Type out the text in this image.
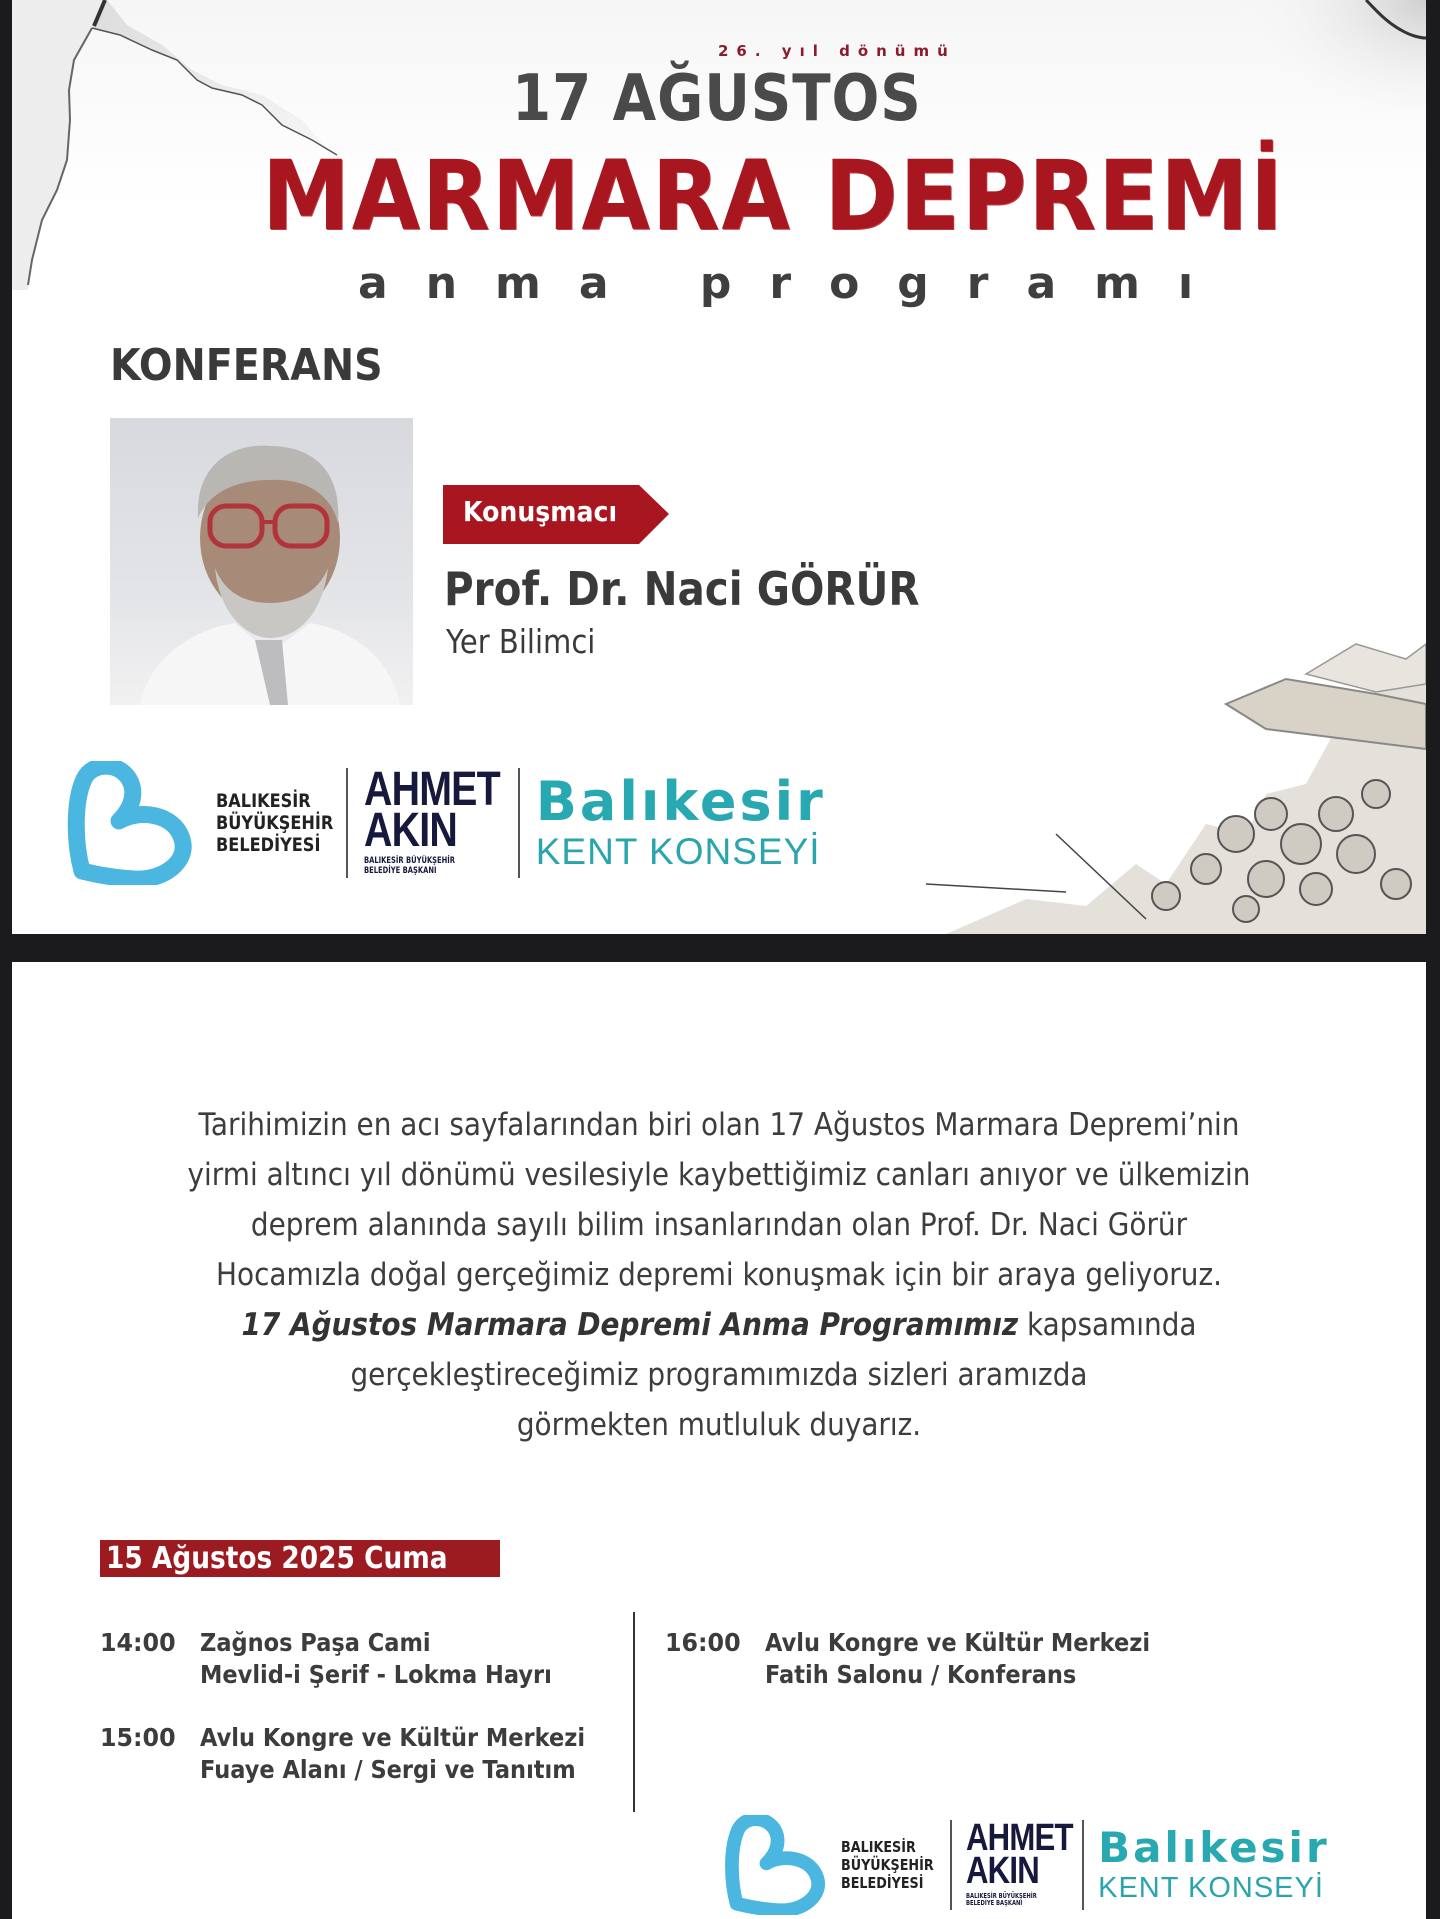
26. yıl dönümü
17 AĞUSTOS
MARMARA DEPREMİ
anma programı
KONFERANS
Konuşmacı
Prof. Dr. Naci GÖRÜR
Yer Bilimci
BALIKESİR
BÜYÜKŞEHİR
BELEDİYESİ
AHMET
AKIN
BALIKESİR BÜYÜKŞEHİR
BELEDİYE BAŞKANI
Balıkesir
KENT KONSEYİ
Tarihimizin en acı sayfalarından biri olan 17 Ağustos Marmara Depremi’nin
yirmi altıncı yıl dönümü vesilesiyle kaybettiğimiz canları anıyor ve ülkemizin
deprem alanında sayılı bilim insanlarından olan Prof. Dr. Naci Görür
Hocamızla doğal gerçeğimiz depremi konuşmak için bir araya geliyoruz.
17 Ağustos Marmara Depremi Anma Programımız kapsamında
gerçekleştireceğimiz programımızda sizleri aramızda
görmekten mutluluk duyarız.
15 Ağustos 2025 Cuma
14:00 Zağnos Paşa Cami
Mevlid-i Şerif - Lokma Hayrı
15:00 Avlu Kongre ve Kültür Merkezi
Fuaye Alanı / Sergi ve Tanıtım
16:00 Avlu Kongre ve Kültür Merkezi
Fatih Salonu / Konferans
BALIKESİR
BÜYÜKŞEHİR
BELEDİYESİ
AHMET
AKIN
BALIKESİR BÜYÜKŞEHİR
BELEDİYE BAŞKANI
Balıkesir
KENT KONSEYİ
